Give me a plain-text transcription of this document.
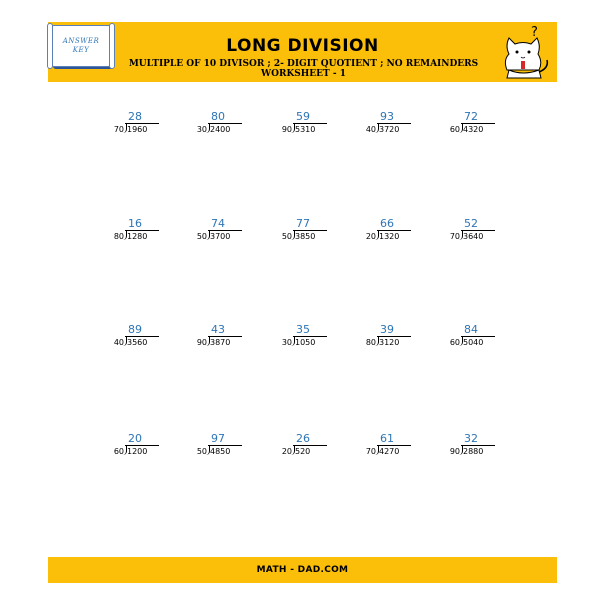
ANSWER
KEY	LONG DIVISION
MULTIPLE OF 10 DIVISOR ; 2- DIGIT QUOTIENT ; NO REMAINDERS
WORKSHEET - 1
?
28
70 1960
80
30 2400
59
90 5310
93
40 3720
72
60 4320
16
80 1280
74
50 3700
77
50 3850
66
20 1320
52
70 3640
89
40 3560
43
90 3870
35
30 1050
39
80 3120
84
60 5040
20
60 1200
97
50 4850
26
20 520
61
70 4270
32
90 2880
MATH - DAD.COM
